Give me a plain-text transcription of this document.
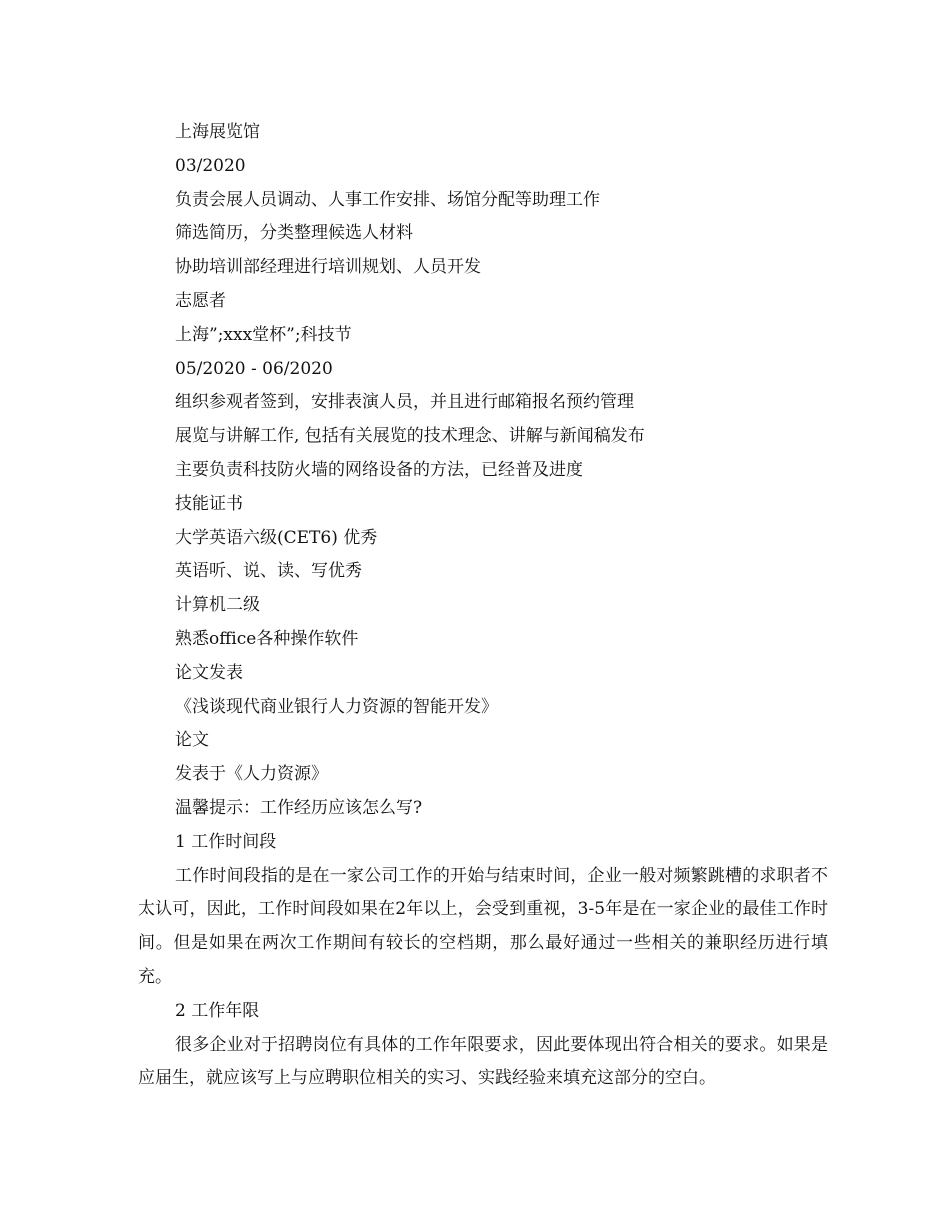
上海展览馆
03/2020
负责会展人员调动、人事工作安排、场馆分配等助理工作
筛选简历，分类整理候选人材料
协助培训部经理进行培训规划、人员开发
志愿者
上海”;xxx堂杯”;科技节
05/2020 - 06/2020
组织参观者签到，安排表演人员，并且进行邮箱报名预约管理
展览与讲解工作, 包括有关展览的技术理念、讲解与新闻稿发布
主要负责科技防火墙的网络设备的方法，已经普及进度
技能证书
大学英语六级(CET6) 优秀
英语听、说、读、写优秀
计算机二级
熟悉office各种操作软件
论文发表
《浅谈现代商业银行人力资源的智能开发》
论文
发表于《人力资源》
温馨提示：工作经历应该怎么写?
1 工作时间段

工作时间段指的是在一家公司工作的开始与结束时间，企业一般对频繁跳槽的求职者不太认可，因此，工作时间段如果在2年以上，会受到重视，3-5年是在一家企业的最佳工作时间。但是如果在两次工作期间有较长的空档期，那么最好通过一些相关的兼职经历进行填充。

2 工作年限

很多企业对于招聘岗位有具体的工作年限要求，因此要体现出符合相关的要求。如果是应届生，就应该写上与应聘职位相关的实习、实践经验来填充这部分的空白。
